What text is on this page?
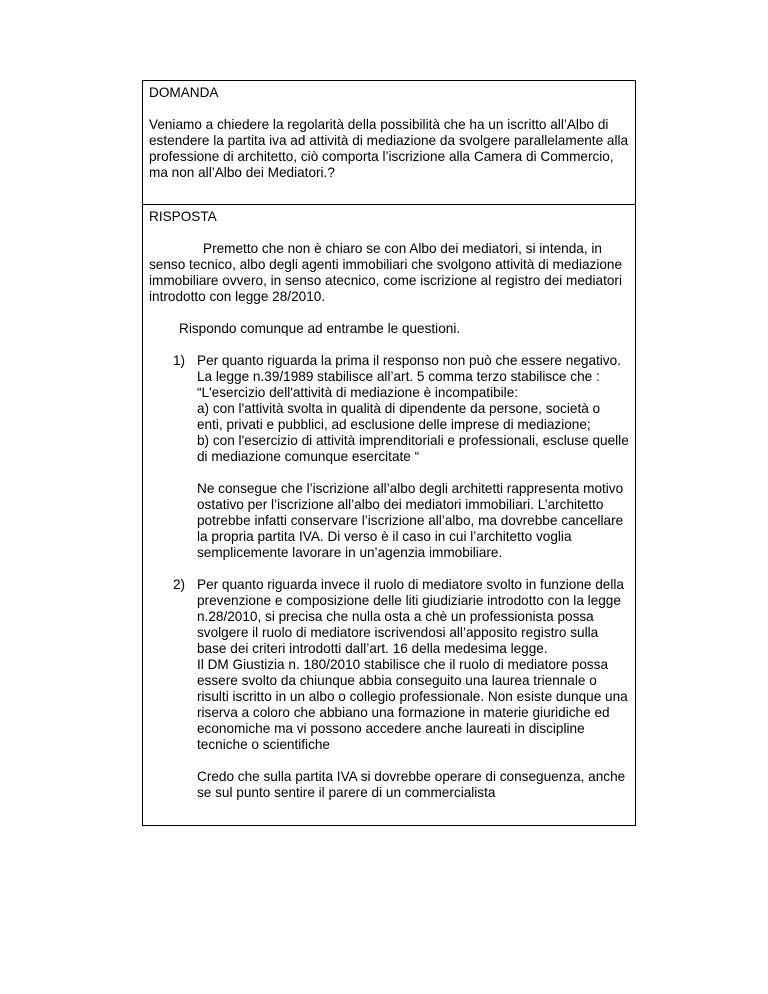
DOMANDA

Veniamo a chiedere la regolarità della possibilità che ha un iscritto all’Albo di estendere la partita iva ad attività di mediazione da svolgere parallelamente alla professione di architetto, ciò comporta l’iscrizione alla Camera di Commercio, ma non all’Albo dei Mediatori.?

RISPOSTA

Premetto che non è chiaro se con Albo dei mediatori, si intenda, in senso tecnico, albo degli agenti immobiliari che svolgono attività di mediazione immobiliare ovvero, in senso atecnico, come iscrizione al registro dei mediatori introdotto con legge 28/2010.

Rispondo comunque ad entrambe le questioni.

1) Per quanto riguarda la prima il responso non può che essere negativo. La legge n.39/1989 stabilisce all’art. 5 comma terzo stabilisce che : “L'esercizio dell'attività di mediazione è incompatibile:
a) con l'attività svolta in qualità di dipendente da persone, società o enti, privati e pubblici, ad esclusione delle imprese di mediazione;
b) con l'esercizio di attività imprenditoriali e professionali, escluse quelle di mediazione comunque esercitate “

Ne consegue che l’iscrizione all’albo degli architetti rappresenta motivo ostativo per l’iscrizione all’albo dei mediatori immobiliari. L’architetto potrebbe infatti conservare l’iscrizione all’albo, ma dovrebbe cancellare la propria partita IVA. Di verso è il caso in cui l’architetto voglia semplicemente lavorare in un’agenzia immobiliare.

2) Per quanto riguarda invece il ruolo di mediatore svolto in funzione della prevenzione e composizione delle liti giudiziarie introdotto con la legge n.28/2010, si precisa che nulla osta a chè un professionista possa svolgere il ruolo di mediatore iscrivendosi all’apposito registro sulla base dei criteri introdotti dall’art. 16 della medesima legge.
Il DM Giustizia n. 180/2010 stabilisce che il ruolo di mediatore possa essere svolto da chiunque abbia conseguito una laurea triennale o risulti iscritto in un albo o collegio professionale. Non esiste dunque una riserva a coloro che abbiano una formazione in materie giuridiche ed economiche ma vi possono accedere anche laureati in discipline tecniche o scientifiche

Credo che sulla partita IVA si dovrebbe operare di conseguenza, anche se sul punto sentire il parere di un commercialista
